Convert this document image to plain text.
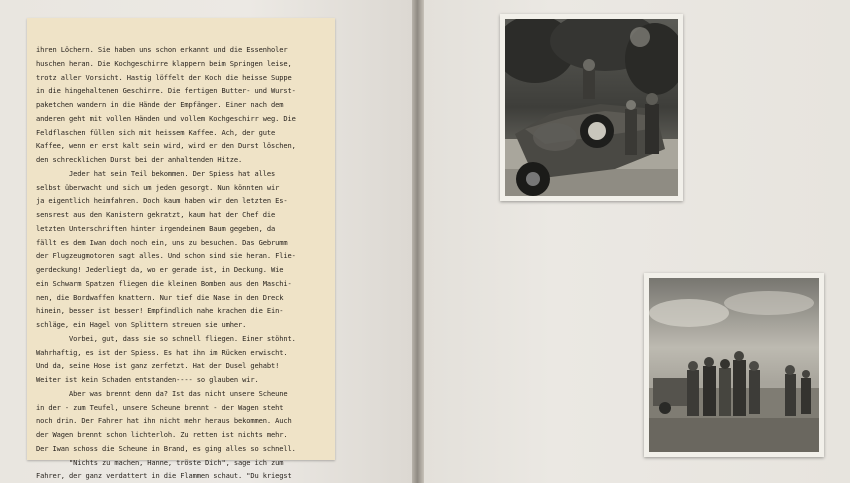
ihren Löchern. Sie haben uns schon erkannt und die Essenholer
huschen heran. Die Kochgeschirre klappern beim Springen leise,
trotz aller Vorsicht. Hastig löffelt der Koch die heisse Suppe
in die hingehaltenen Geschirre. Die fertigen Butter- und Wurst-
paketchen wandern in die Hände der Empfänger. Einer nach dem
anderen geht mit vollen Händen und vollem Kochgeschirr weg. Die
Feldflaschen füllen sich mit heissem Kaffee. Ach, der gute
Kaffee, wenn er erst kalt sein wird, wird er den Durst löschen,
den schrecklichen Durst bei der anhaltenden Hitze.
Jeder hat sein Teil bekommen. Der Spiess hat alles
selbst überwacht und sich um jeden gesorgt. Nun könnten wir
ja eigentlich heimfahren. Doch kaum haben wir den letzten Es-
sensrest aus den Kanistern gekratzt, kaum hat der Chef die
letzten Unterschriften hinter irgendeinem Baum gegeben, da
fällt es dem Iwan doch noch ein, uns zu besuchen. Das Gebrumm
der Flugzeugmotoren sagt alles. Und schon sind sie heran. Flie-
gerdeckung! Jederliegt da, wo er gerade ist, in Deckung. Wie
ein Schwarm Spatzen fliegen die kleinen Bomben aus den Maschi-
nen, die Bordwaffen knattern. Nur tief die Nase in den Dreck
hinein, besser ist besser! Empfindlich nahe krachen die Ein-
schläge, ein Hagel von Splittern streuen sie umher.
Vorbei, gut, dass sie so schnell fliegen. Einer stöhnt.
Wahrhaftig, es ist der Spiess. Es hat ihn im Rücken erwischt.
Und da, seine Hose ist ganz zerfetzt. Hat der Dusel gehabt!
Weiter ist kein Schaden entstanden---- so glauben wir.
Aber was brennt denn da? Ist das nicht unsere Scheune
in der - zum Teufel, unsere Scheune brennt - der Wagen steht
noch drin. Der Fahrer hat ihn nicht mehr heraus bekommen. Auch
der Wagen brennt schon lichterloh. Zu retten ist nichts mehr.
Der Iwan schoss die Scheune in Brand, es ging alles so schnell.
"Nichts zu machen, Hanne, tröste Dich", sage ich zum
Fahrer, der ganz verdattert in die Flammen schaut. "Du kriegst
